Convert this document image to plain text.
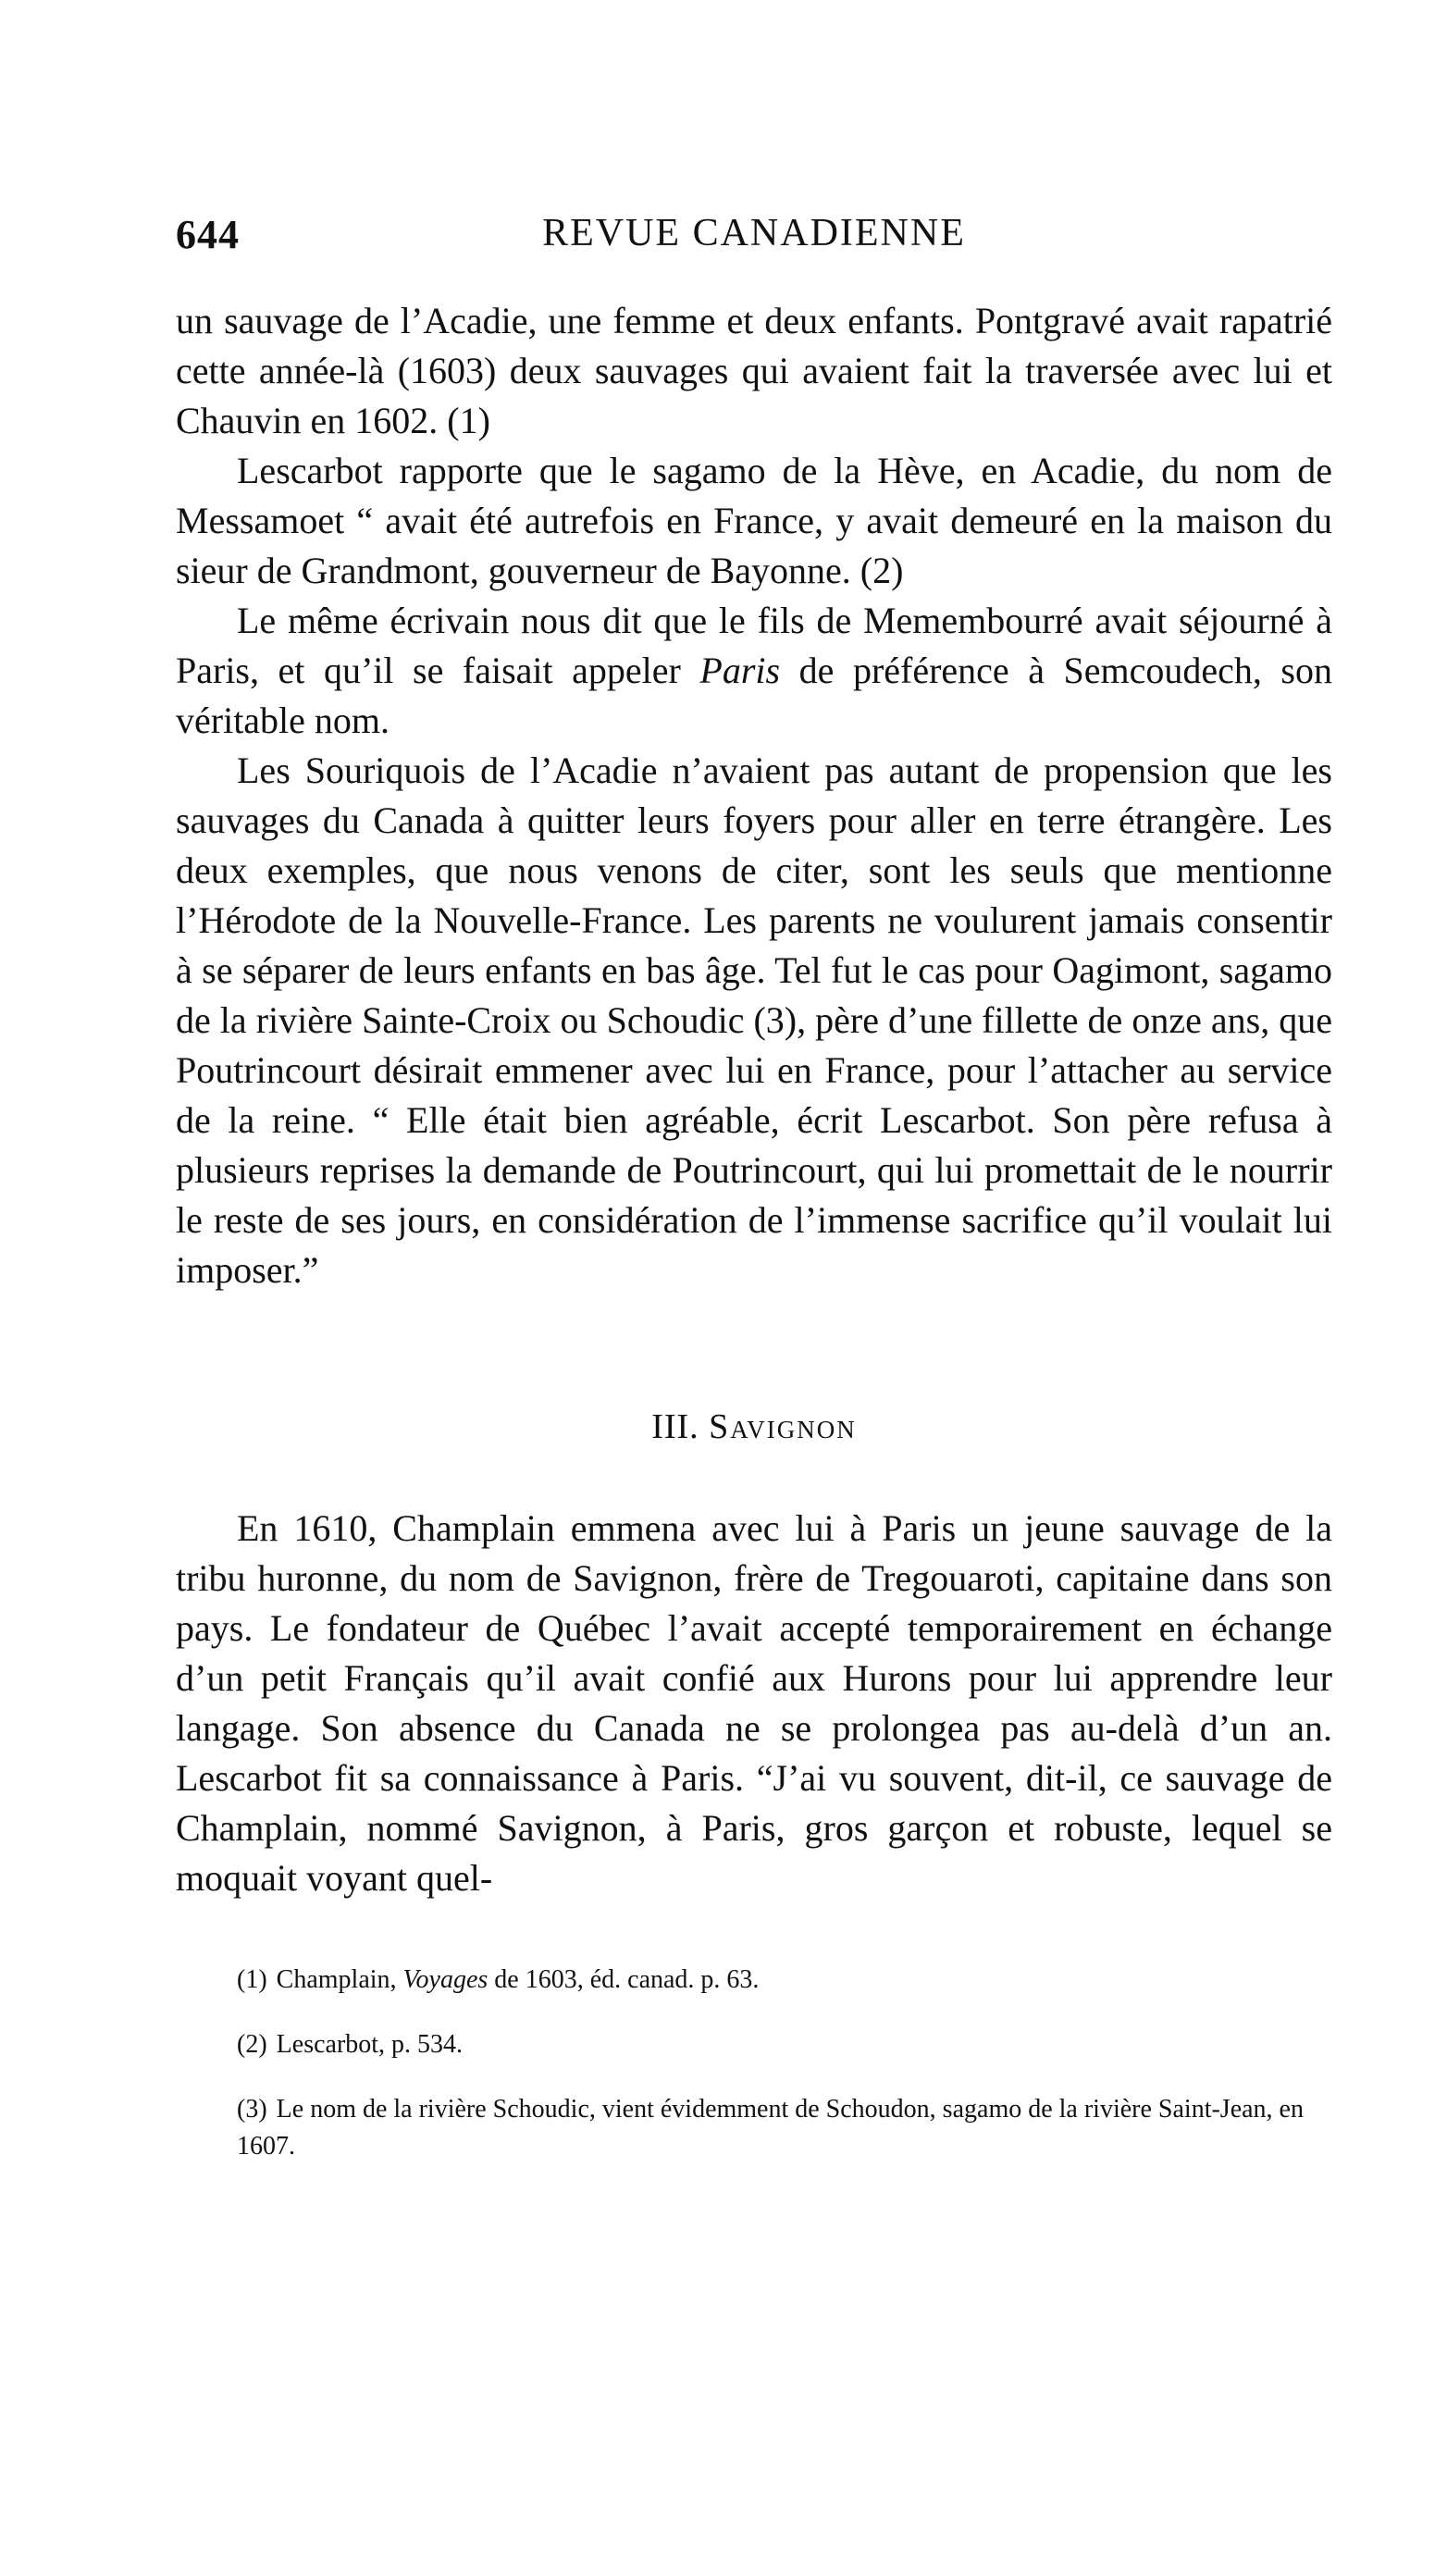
644	REVUE CANADIENNE

un sauvage de l’Acadie, une femme et deux enfants. Pontgravé avait rapatrié cette année-là (1603) deux sauvages qui avaient fait la traversée avec lui et Chauvin en 1602. (1)

Lescarbot rapporte que le sagamo de la Hève, en Acadie, du nom de Messamoet “ avait été autrefois en France, y avait demeuré en la maison du sieur de Grandmont, gouverneur de Bayonne. (2)

Le même écrivain nous dit que le fils de Memembourré avait séjourné à Paris, et qu’il se faisait appeler Paris de préférence à Semcoudech, son véritable nom.

Les Souriquois de l’Acadie n’avaient pas autant de propension que les sauvages du Canada à quitter leurs foyers pour aller en terre étrangère. Les deux exemples, que nous venons de citer, sont les seuls que mentionne l’Hérodote de la Nouvelle-France. Les parents ne voulurent jamais consentir à se séparer de leurs enfants en bas âge. Tel fut le cas pour Oagimont, sagamo de la rivière Sainte-Croix ou Schoudic (3), père d’une fillette de onze ans, que Poutrincourt désirait emmener avec lui en France, pour l’attacher au service de la reine. “ Elle était bien agréable, écrit Lescarbot. Son père refusa à plusieurs reprises la demande de Poutrincourt, qui lui promettait de le nourrir le reste de ses jours, en considération de l’immense sacrifice qu’il voulait lui imposer.”

III. Savignon

En 1610, Champlain emmena avec lui à Paris un jeune sauvage de la tribu huronne, du nom de Savignon, frère de Tregouaroti, capitaine dans son pays. Le fondateur de Québec l’avait accepté temporairement en échange d’un petit Français qu’il avait confié aux Hurons pour lui apprendre leur langage. Son absence du Canada ne se prolongea pas au-delà d’un an. Lescarbot fit sa connaissance à Paris. “J’ai vu souvent, dit-il, ce sauvage de Champlain, nommé Savignon, à Paris, gros garçon et robuste, lequel se moquait voyant quel-

(1) Champlain, Voyages de 1603, éd. canad. p. 63.

(2) Lescarbot, p. 534.

(3) Le nom de la rivière Schoudic, vient évidemment de Schoudon, sagamo de la rivière Saint-Jean, en 1607.
